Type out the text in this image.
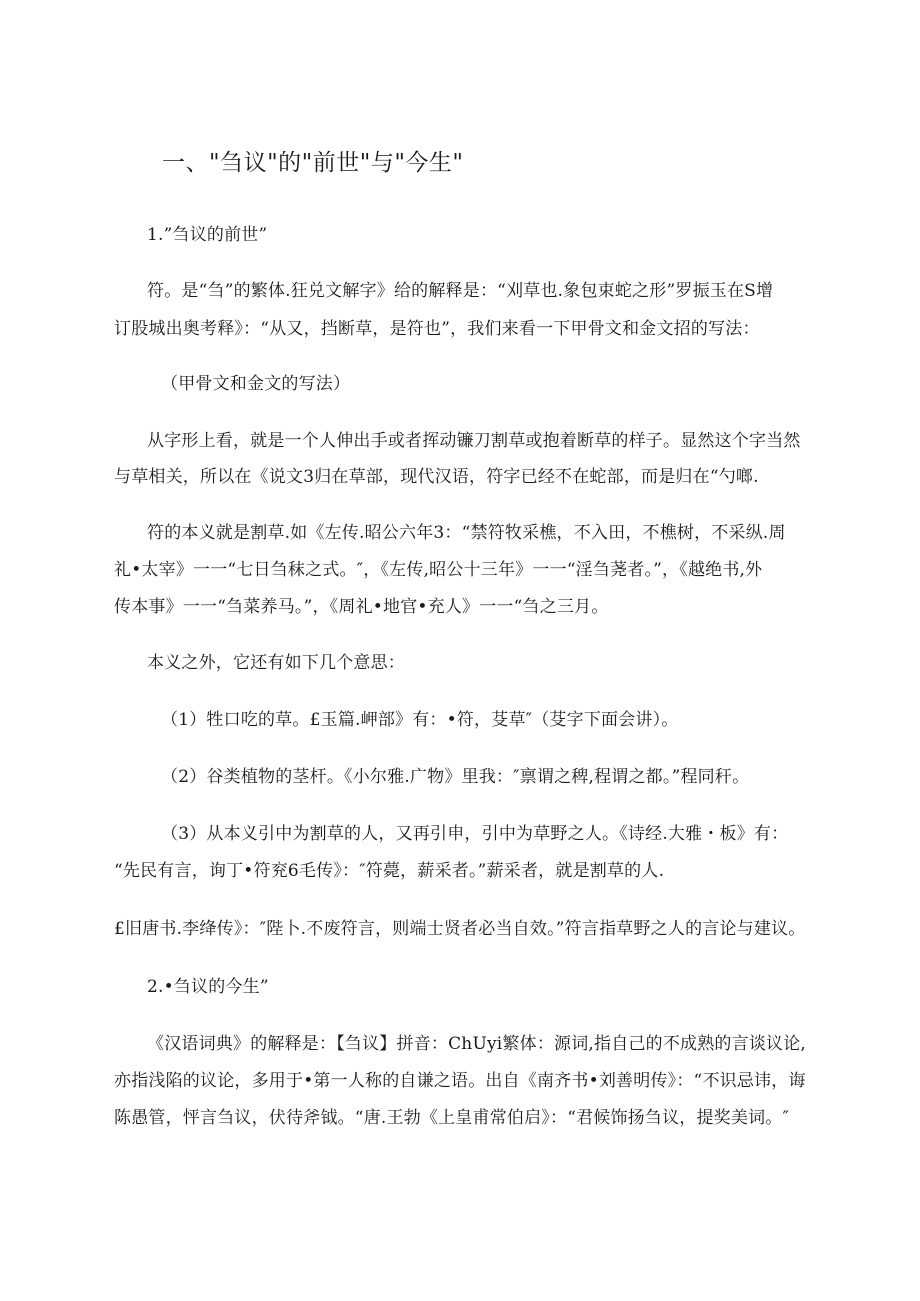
一、"刍议"的"前世"与"今生"
1.”刍议的前世”
符。是“刍”的繁体.狂兑文解字》给的解释是：“刈草也.象包束蛇之形”罗振玉在S增
订股城出奥考释》：“从又，挡断草，是符也”，我们来看一下甲骨文和金文招的写法：
（甲骨文和金文的写法）
从字形上看，就是一个人伸出手或者挥动镰刀割草或抱着断草的样子。显然这个字当然
与草相关，所以在《说文3归在草部，现代汉语，符字已经不在蛇部，而是归在“勺啷.
符的本义就是割草.如《左传.昭公六年3：“禁符牧采樵，不入田，不樵树，不采纵.周
礼•太宰》一一“七日刍秣之式。″，《左传,昭公十三年》一一“淫刍荛者。”，《越绝书,外
传本事》一一“刍菜养马。”，《周礼•地官•充人》一一“刍之三月。
本义之外，它还有如下几个意思：
（1）牲口吃的草。£玉篇.岬部》有：•符，芟草″（芟字下面会讲）。
（2）谷类植物的茎杆。《小尔雅.广物》里我：″禀谓之稗,程谓之都。”程同秆。
（3）从本义引中为割草的人，又再引申，引中为草野之人。《诗经.大雅・板》有：
“先民有言，询丁•符兖6毛传》：″符薨，薪采者。”薪采者，就是割草的人.
£旧唐书.李绛传》：″陛卜.不废符言，则端士贤者必当自效。”符言指草野之人的言论与建议。
2.•刍议的今生”
《汉语词典》的解释是：【刍议】拼音：ChUyi繁体：源词,指自己的不成熟的言谈议论,
亦指浅陷的议论，多用于•第一人称的自谦之语。出自《南齐书•刘善明传》：“不识忌讳，诲
陈愚管，怦言刍议，伏待斧钺。“唐.王勃《上皇甫常伯启》：“君候饰扬刍议，提奖美词。″
